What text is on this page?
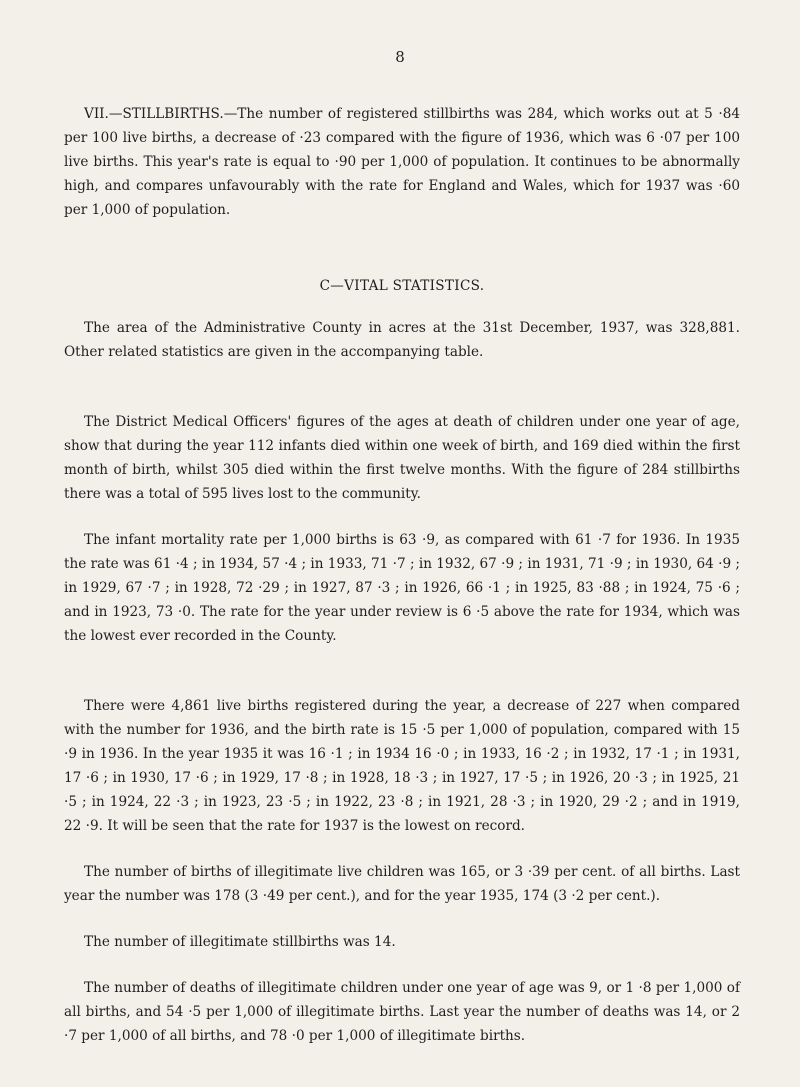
8

VII.—STILLBIRTHS.—The number of registered stillbirths was 284, which works out at 5 ·84 per 100 live births, a decrease of ·23 compared with the figure of 1936, which was 6 ·07 per 100 live births. This year's rate is equal to ·90 per 1,000 of population. It continues to be abnormally high, and compares unfavourably with the rate for England and Wales, which for 1937 was ·60 per 1,000 of population.

C—VITAL STATISTICS.

The area of the Administrative County in acres at the 31st December, 1937, was 328,881. Other related statistics are given in the accompanying table.

The District Medical Officers' figures of the ages at death of children under one year of age, show that during the year 112 infants died within one week of birth, and 169 died within the first month of birth, whilst 305 died within the first twelve months. With the figure of 284 stillbirths there was a total of 595 lives lost to the community.

The infant mortality rate per 1,000 births is 63 ·9, as compared with 61 ·7 for 1936. In 1935 the rate was 61 ·4 ; in 1934, 57 ·4 ; in 1933, 71 ·7 ; in 1932, 67 ·9 ; in 1931, 71 ·9 ; in 1930, 64 ·9 ; in 1929, 67 ·7 ; in 1928, 72 ·29 ; in 1927, 87 ·3 ; in 1926, 66 ·1 ; in 1925, 83 ·88 ; in 1924, 75 ·6 ; and in 1923, 73 ·0. The rate for the year under review is 6 ·5 above the rate for 1934, which was the lowest ever recorded in the County.

There were 4,861 live births registered during the year, a decrease of 227 when compared with the number for 1936, and the birth rate is 15 ·5 per 1,000 of population, compared with 15 ·9 in 1936. In the year 1935 it was 16 ·1 ; in 1934 16 ·0 ; in 1933, 16 ·2 ; in 1932, 17 ·1 ; in 1931, 17 ·6 ; in 1930, 17 ·6 ; in 1929, 17 ·8 ; in 1928, 18 ·3 ; in 1927, 17 ·5 ; in 1926, 20 ·3 ; in 1925, 21 ·5 ; in 1924, 22 ·3 ; in 1923, 23 ·5 ; in 1922, 23 ·8 ; in 1921, 28 ·3 ; in 1920, 29 ·2 ; and in 1919, 22 ·9. It will be seen that the rate for 1937 is the lowest on record.

The number of births of illegitimate live children was 165, or 3 ·39 per cent. of all births. Last year the number was 178 (3 ·49 per cent.), and for the year 1935, 174 (3 ·2 per cent.).

The number of illegitimate stillbirths was 14.

The number of deaths of illegitimate children under one year of age was 9, or 1 ·8 per 1,000 of all births, and 54 ·5 per 1,000 of illegitimate births. Last year the number of deaths was 14, or 2 ·7 per 1,000 of all births, and 78 ·0 per 1,000 of illegitimate births.
